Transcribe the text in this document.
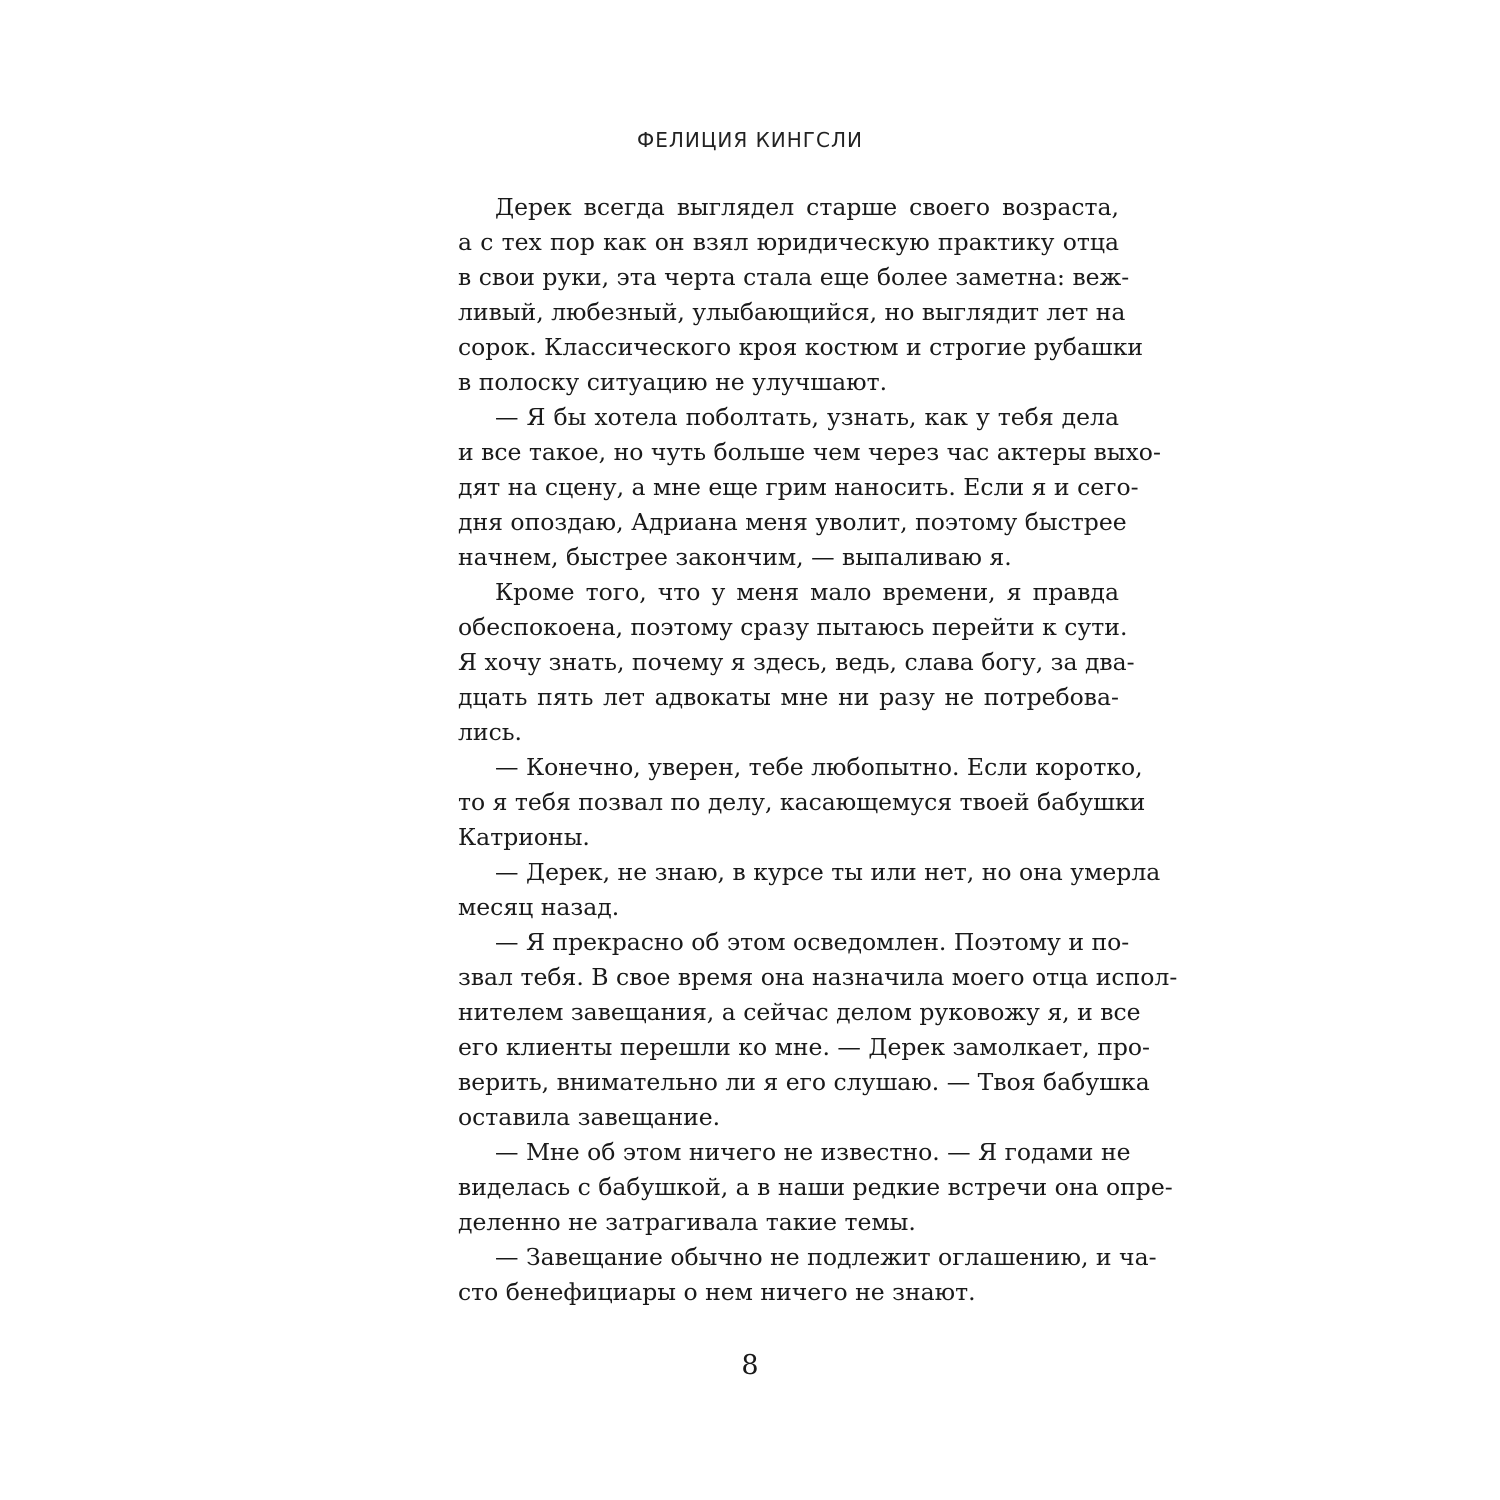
ФЕЛИЦИЯ КИНГСЛИ
Дерек всегда выглядел старше своего возраста,
а с тех пор как он взял юридическую практику отца
в свои руки, эта черта стала еще более заметна: веж-
ливый, любезный, улыбающийся, но выглядит лет на
сорок. Классического кроя костюм и строгие рубашки
в полоску ситуацию не улучшают.
— Я бы хотела поболтать, узнать, как у тебя дела
и все такое, но чуть больше чем через час актеры выхо-
дят на сцену, а мне еще грим наносить. Если я и сего-
дня опоздаю, Адриана меня уволит, поэтому быстрее
начнем, быстрее закончим, — выпаливаю я.
Кроме того, что у меня мало времени, я правда
обеспокоена, поэтому сразу пытаюсь перейти к сути.
Я хочу знать, почему я здесь, ведь, слава богу, за два-
дцать пять лет адвокаты мне ни разу не потребова-
лись.
— Конечно, уверен, тебе любопытно. Если коротко,
то я тебя позвал по делу, касающемуся твоей бабушки
Катрионы.
— Дерек, не знаю, в курсе ты или нет, но она умерла
месяц назад.
— Я прекрасно об этом осведомлен. Поэтому и по-
звал тебя. В свое время она назначила моего отца испол-
нителем завещания, а сейчас делом руковожу я, и все
его клиенты перешли ко мне. — Дерек замолкает, про-
верить, внимательно ли я его слушаю. — Твоя бабушка
оставила завещание.
— Мне об этом ничего не известно. — Я годами не
виделась с бабушкой, а в наши редкие встречи она опре-
деленно не затрагивала такие темы.
— Завещание обычно не подлежит оглашению, и ча-
сто бенефициары о нем ничего не знают.
8
